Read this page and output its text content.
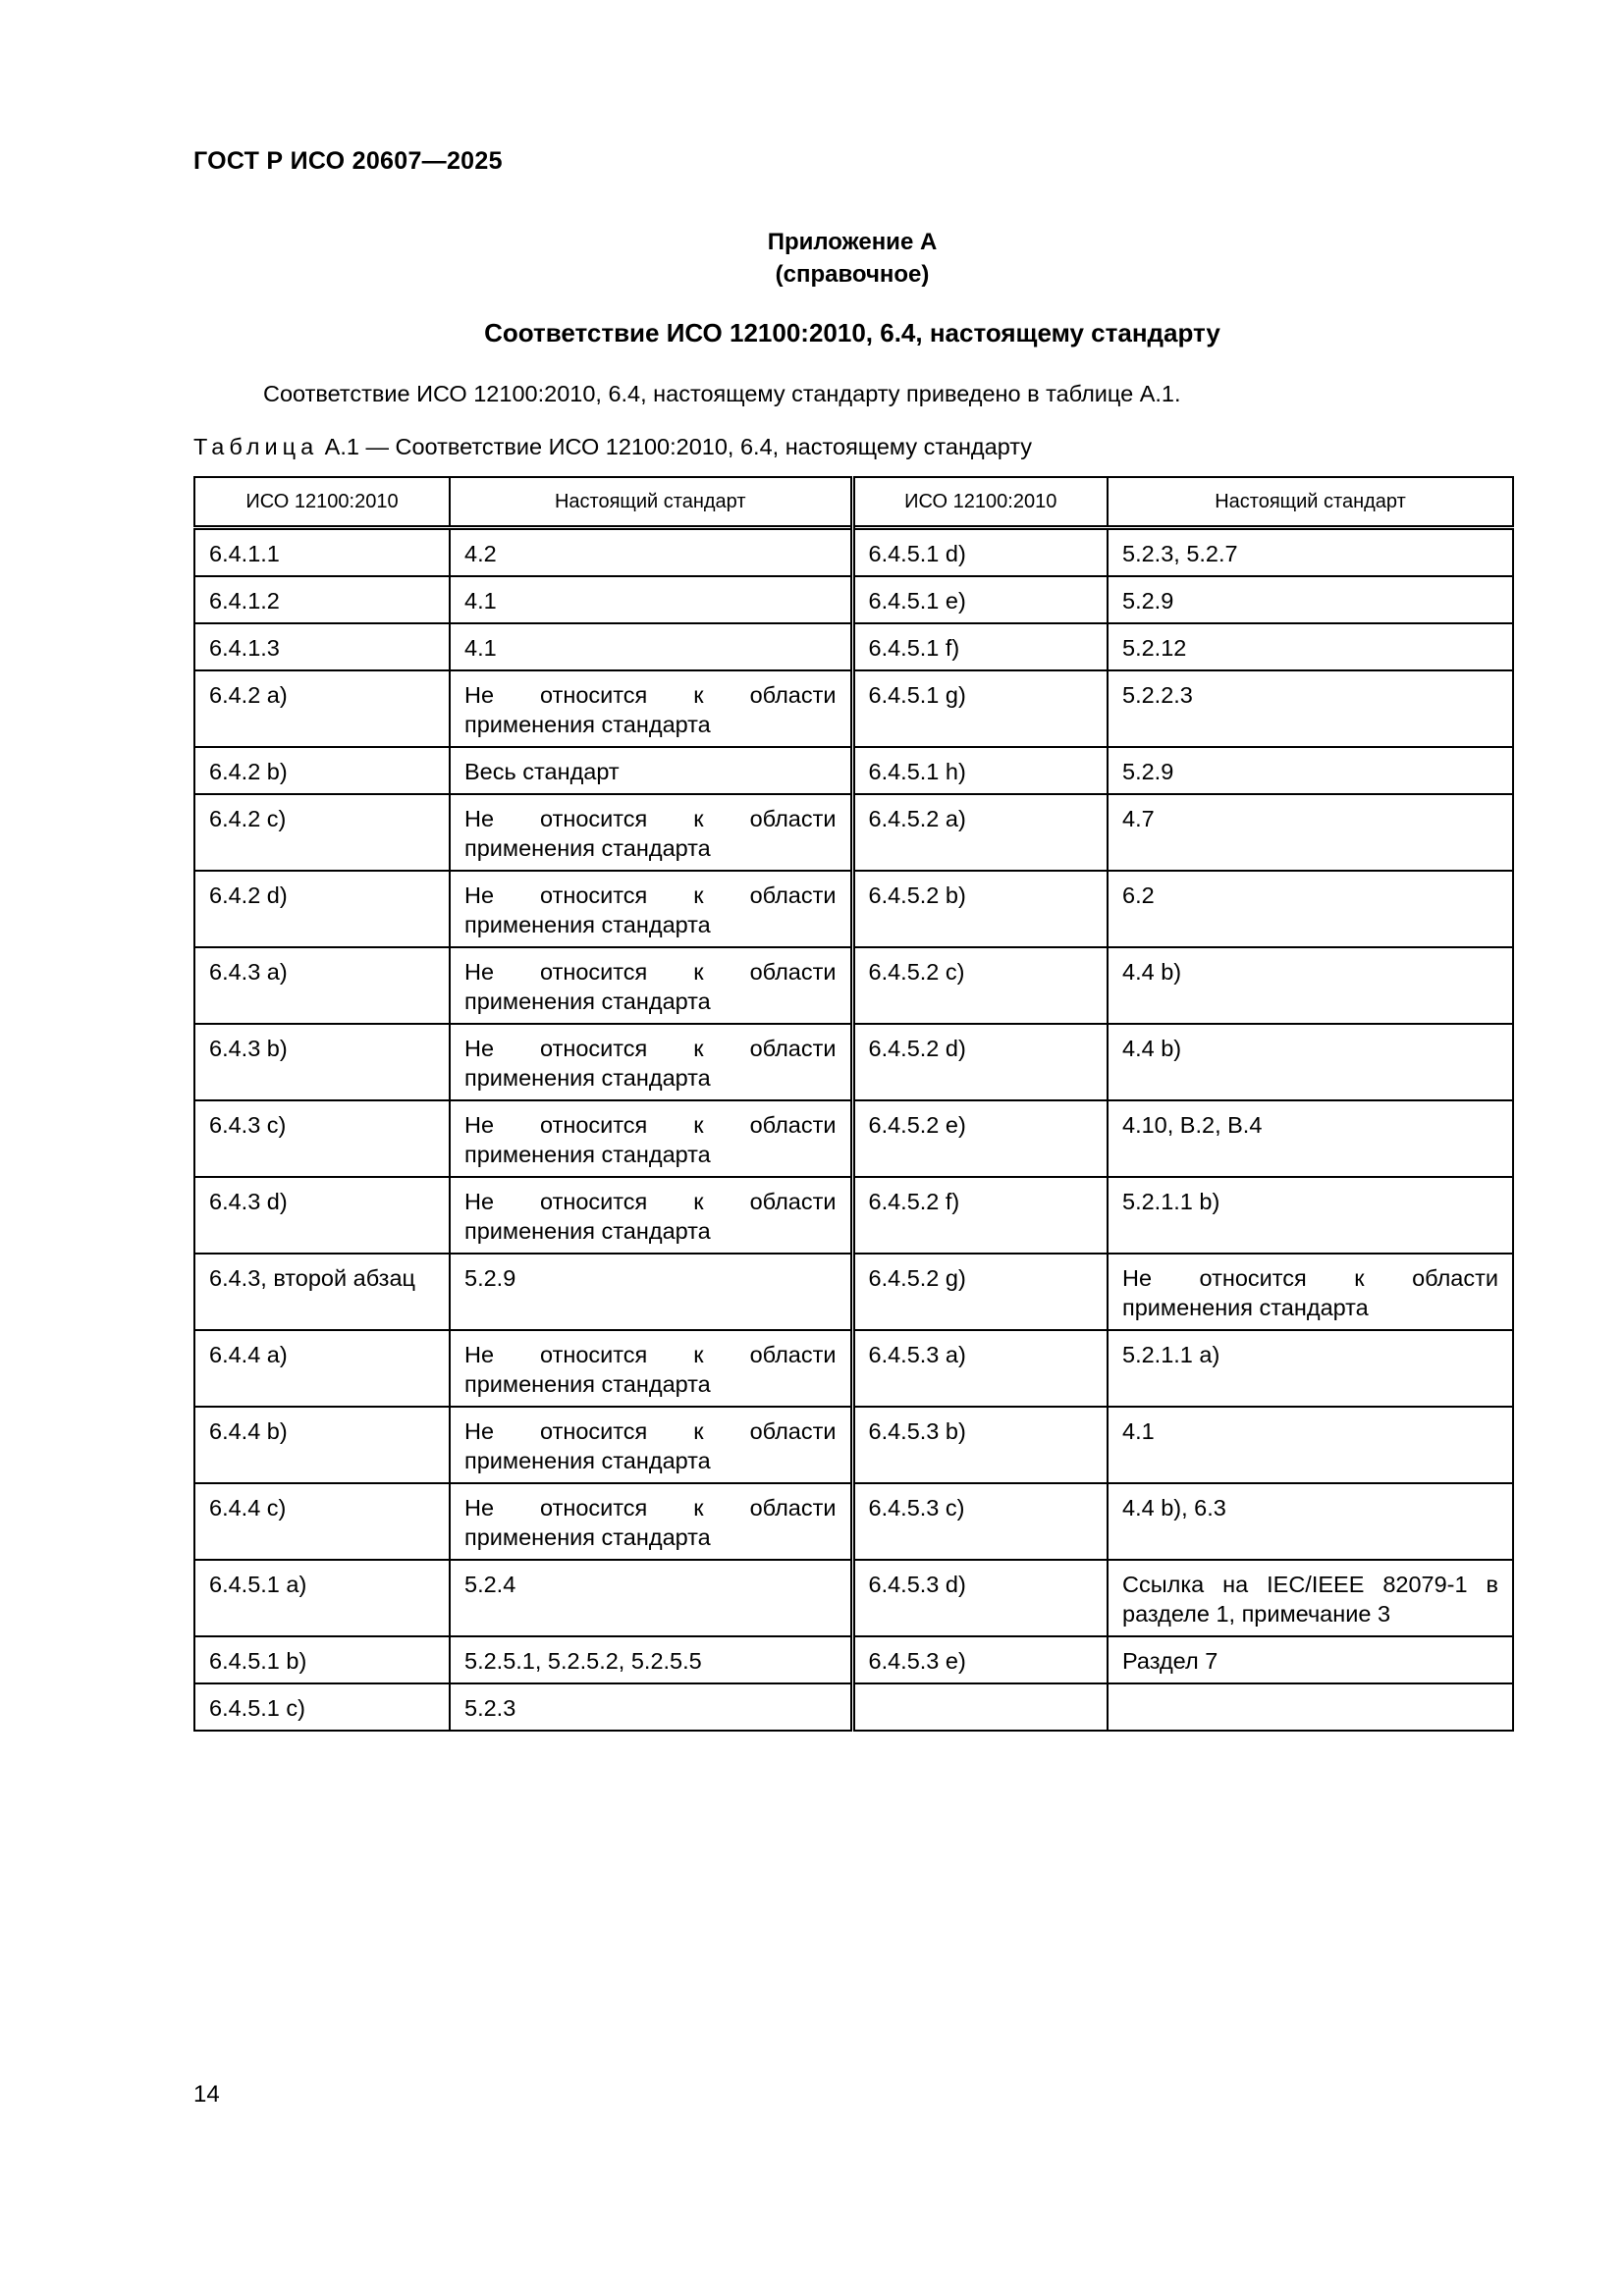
ГОСТ Р ИСО 20607—2025
Приложение А
(справочное)
Соответствие ИСО 12100:2010, 6.4, настоящему стандарту
Соответствие ИСО 12100:2010, 6.4, настоящему стандарту приведено в таблице А.1.
Таблица А.1 — Соответствие ИСО 12100:2010, 6.4, настоящему стандарту
ИСО 12100:2010	Настоящий стандарт	ИСО 12100:2010	Настоящий стандарт
6.4.1.1	4.2	6.4.5.1 d)	5.2.3, 5.2.7
6.4.1.2	4.1	6.4.5.1 e)	5.2.9
6.4.1.3	4.1	6.4.5.1 f)	5.2.12
6.4.2 a)	Не относится к области применения стандарта	6.4.5.1 g)	5.2.2.3
6.4.2 b)	Весь стандарт	6.4.5.1 h)	5.2.9
6.4.2 c)	Не относится к области применения стандарта	6.4.5.2 a)	4.7
6.4.2 d)	Не относится к области применения стандарта	6.4.5.2 b)	6.2
6.4.3 a)	Не относится к области применения стандарта	6.4.5.2 c)	4.4 b)
6.4.3 b)	Не относится к области применения стандарта	6.4.5.2 d)	4.4 b)
6.4.3 c)	Не относится к области применения стандарта	6.4.5.2 e)	4.10, В.2, В.4
6.4.3 d)	Не относится к области применения стандарта	6.4.5.2 f)	5.2.1.1 b)
6.4.3, второй абзац	5.2.9	6.4.5.2 g)	Не относится к области применения стандарта
6.4.4 a)	Не относится к области применения стандарта	6.4.5.3 a)	5.2.1.1 a)
6.4.4 b)	Не относится к области применения стандарта	6.4.5.3 b)	4.1
6.4.4 c)	Не относится к области применения стандарта	6.4.5.3 c)	4.4 b), 6.3
6.4.5.1 a)	5.2.4	6.4.5.3 d)	Ссылка на IEC/IEEE 82079-1 в разделе 1, примечание 3
6.4.5.1 b)	5.2.5.1, 5.2.5.2, 5.2.5.5	6.4.5.3 e)	Раздел 7
6.4.5.1 c)	5.2.3		
14
